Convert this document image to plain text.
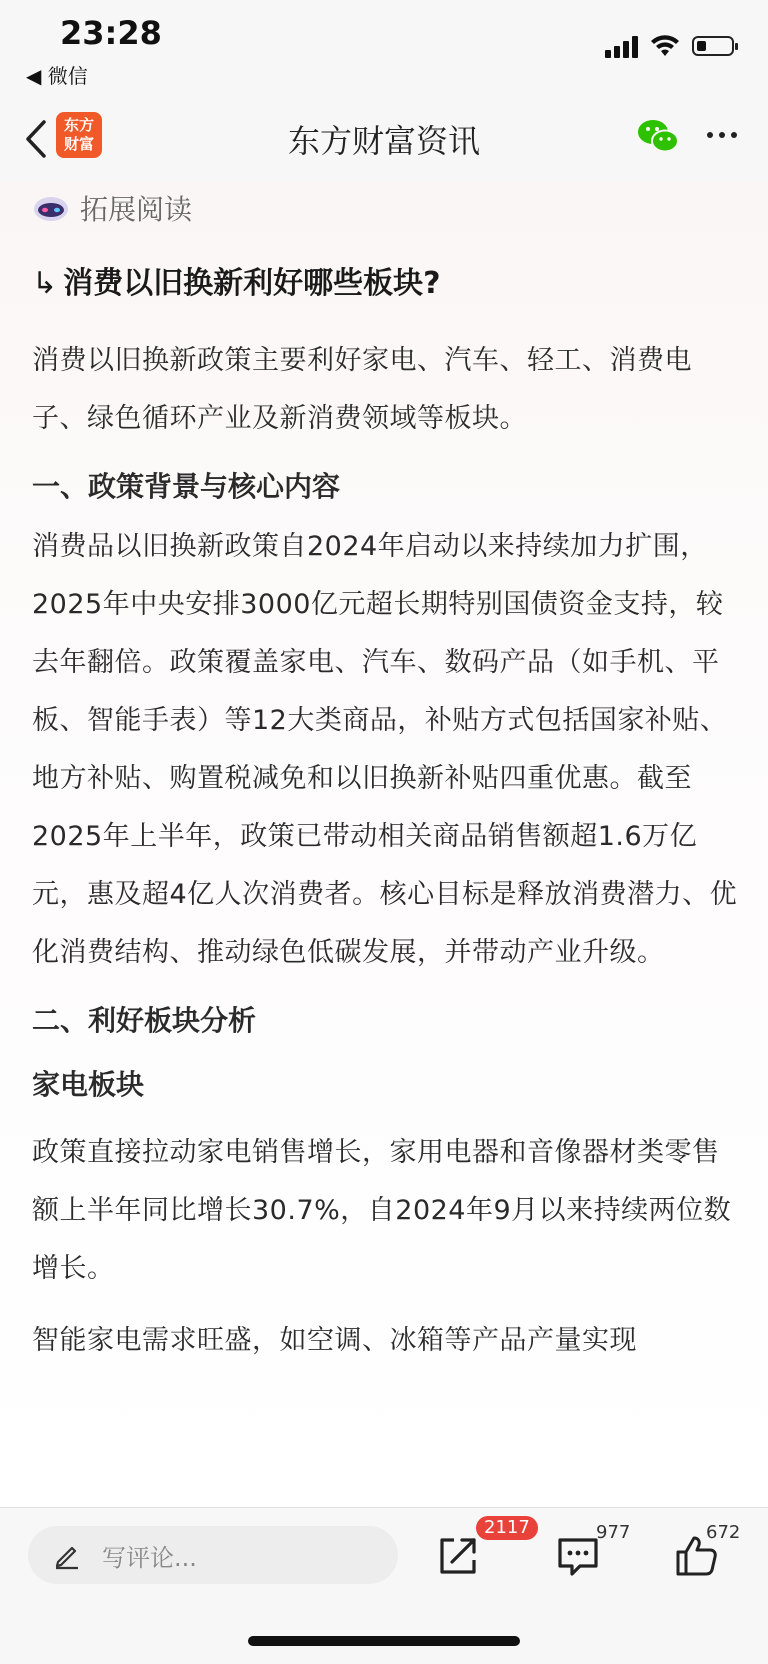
23:28
◀ 微信
东方
财富	东方财富资讯
拓展阅读
↳ 消费以旧换新利好哪些板块?

消费以旧换新政策主要利好家电、汽车、轻工、消费电子、绿色循环产业及新消费领域等板块。

一、政策背景与核心内容

消费品以旧换新政策自2024年启动以来持续加力扩围，2025年中央安排3000亿元超长期特别国债资金支持，较去年翻倍。政策覆盖家电、汽车、数码产品（如手机、平板、智能手表）等12大类商品，补贴方式包括国家补贴、地方补贴、购置税减免和以旧换新补贴四重优惠。截至2025年上半年，政策已带动相关商品销售额超1.6万亿元，惠及超4亿人次消费者。核心目标是释放消费潜力、优化消费结构、推动绿色低碳发展，并带动产业升级。

二、利好板块分析
家电板块

政策直接拉动家电销售增长，家用电器和音像器材类零售额上半年同比增长30.7%，自2024年9月以来持续两位数增长。

智能家电需求旺盛，如空调、冰箱等产品产量实现

写评论...
2117	977	672
